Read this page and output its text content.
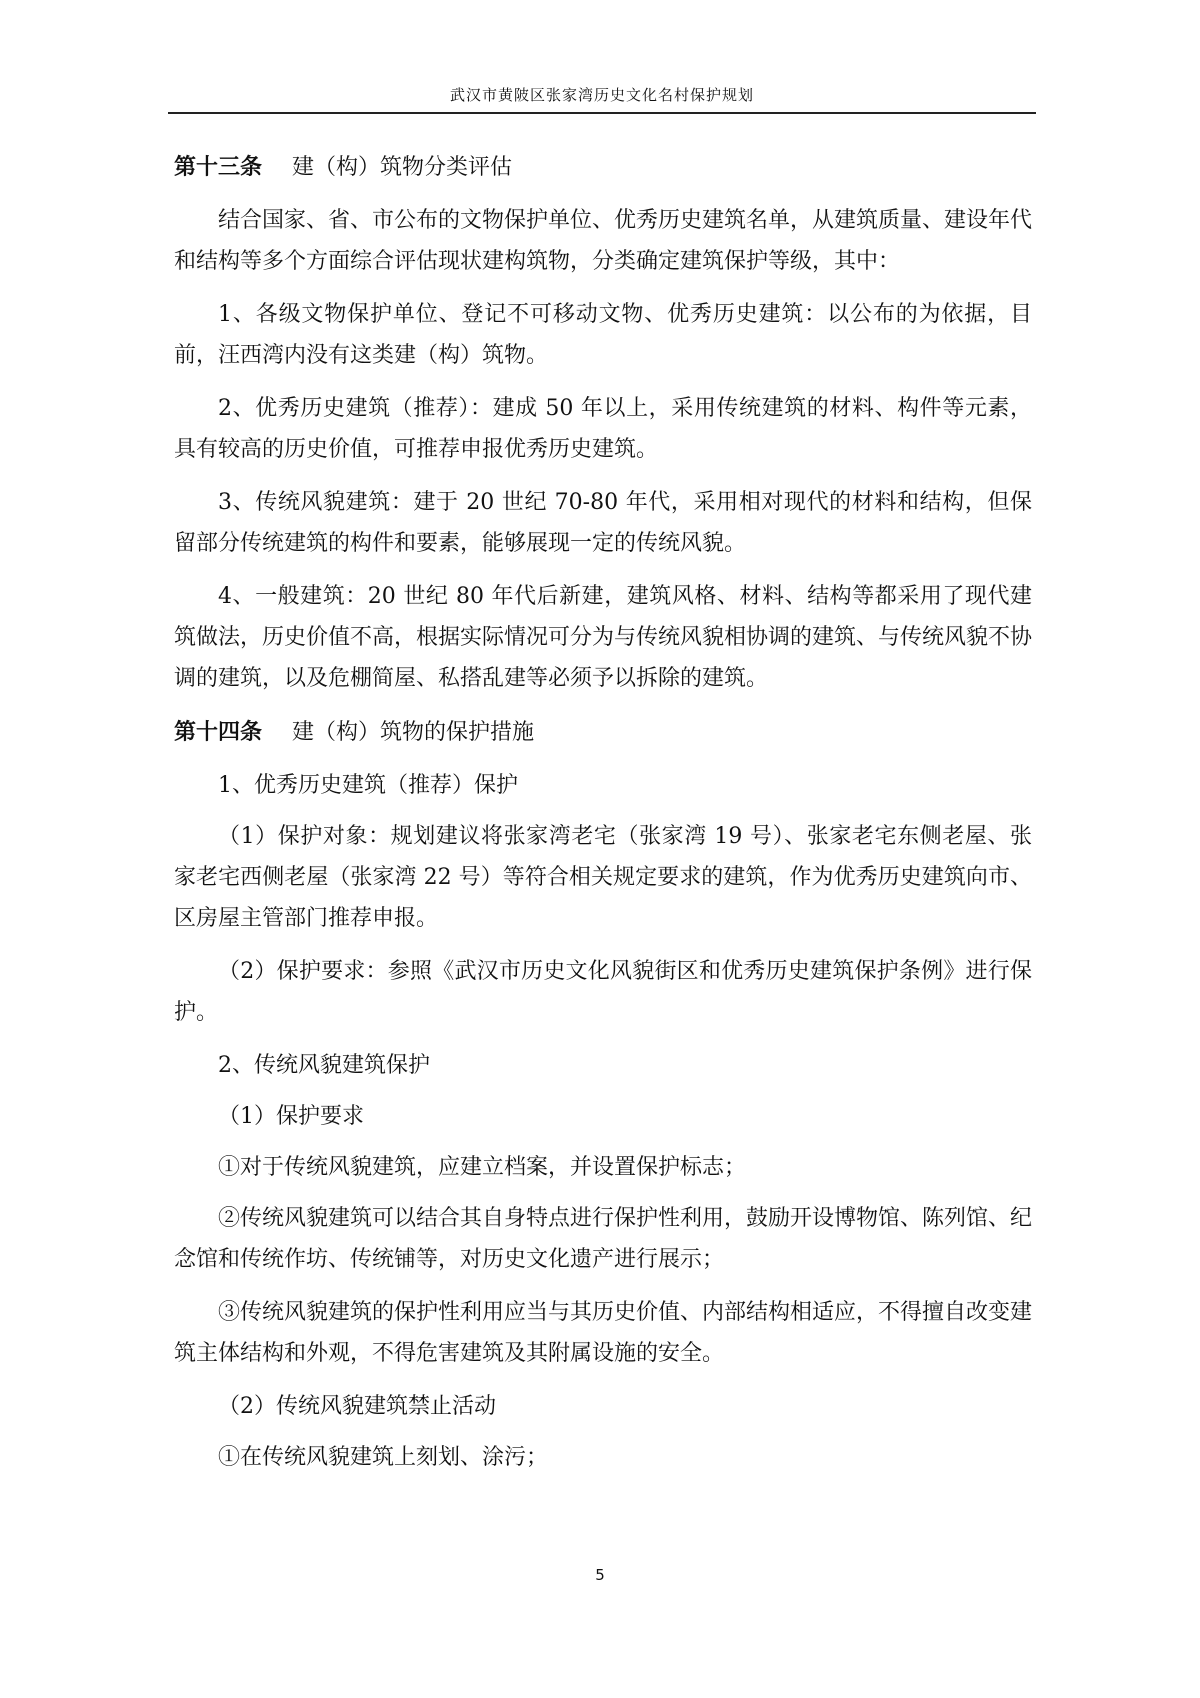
武汉市黄陂区张家湾历史文化名村保护规划
第十三条 建（构）筑物分类评估

结合国家、省、市公布的文物保护单位、优秀历史建筑名单，从建筑质量、建设年代和结构等多个方面综合评估现状建构筑物，分类确定建筑保护等级，其中：

1、各级文物保护单位、登记不可移动文物、优秀历史建筑：以公布的为依据，目前，汪西湾内没有这类建（构）筑物。

2、优秀历史建筑（推荐）：建成 50 年以上，采用传统建筑的材料、构件等元素，具有较高的历史价值，可推荐申报优秀历史建筑。

3、传统风貌建筑：建于 20 世纪 70-80 年代，采用相对现代的材料和结构，但保留部分传统建筑的构件和要素，能够展现一定的传统风貌。

4、一般建筑：20 世纪 80 年代后新建，建筑风格、材料、结构等都采用了现代建筑做法，历史价值不高，根据实际情况可分为与传统风貌相协调的建筑、与传统风貌不协调的建筑，以及危棚简屋、私搭乱建等必须予以拆除的建筑。

第十四条 建（构）筑物的保护措施

1、优秀历史建筑（推荐）保护

（1）保护对象：规划建议将张家湾老宅（张家湾 19 号）、张家老宅东侧老屋、张家老宅西侧老屋（张家湾 22 号）等符合相关规定要求的建筑，作为优秀历史建筑向市、区房屋主管部门推荐申报。

（2）保护要求：参照《武汉市历史文化风貌街区和优秀历史建筑保护条例》进行保护。

2、传统风貌建筑保护

（1）保护要求

①对于传统风貌建筑，应建立档案，并设置保护标志；

②传统风貌建筑可以结合其自身特点进行保护性利用，鼓励开设博物馆、陈列馆、纪念馆和传统作坊、传统铺等，对历史文化遗产进行展示；

③传统风貌建筑的保护性利用应当与其历史价值、内部结构相适应，不得擅自改变建筑主体结构和外观，不得危害建筑及其附属设施的安全。

（2）传统风貌建筑禁止活动

①在传统风貌建筑上刻划、涂污；

5
